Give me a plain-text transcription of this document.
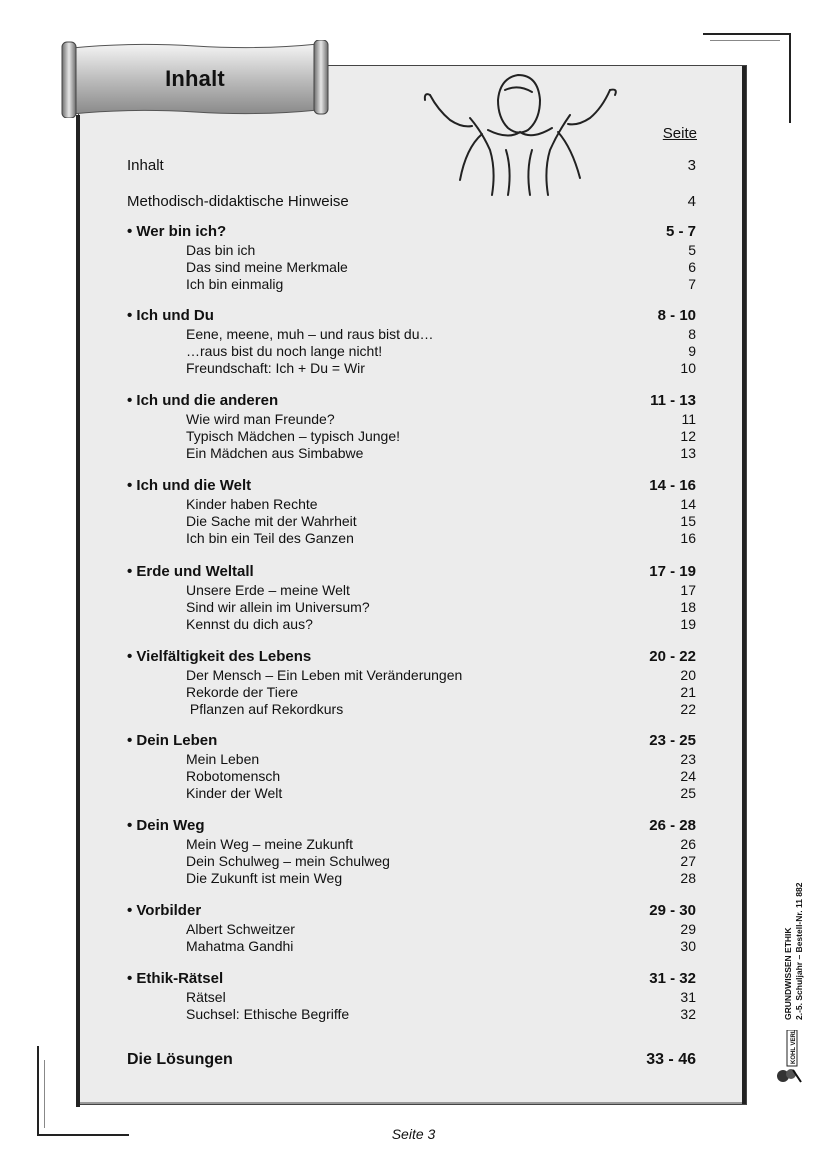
Inhalt
Seite
Inhalt	3
Methodisch-didaktische Hinweise	4
• Wer bin ich?	5 - 7
Das bin ich	5
Das sind meine Merkmale	6
Ich bin einmalig	7
• Ich und Du	8 - 10
Eene, meene, muh – und raus bist du…	8
…raus bist du noch lange nicht!	9
Freundschaft: Ich + Du = Wir	10
• Ich und die anderen	11 - 13
Wie wird man Freunde?	11
Typisch Mädchen – typisch Junge!	12
Ein Mädchen aus Simbabwe	13
• Ich und die Welt	14 - 16
Kinder haben Rechte	14
Die Sache mit der Wahrheit	15
Ich bin ein Teil des Ganzen	16
• Erde und Weltall	17 - 19
Unsere Erde – meine Welt	17
Sind wir allein im Universum?	18
Kennst du dich aus?	19
• Vielfältigkeit des Lebens	20 - 22
Der Mensch – Ein Leben mit Veränderungen	20
Rekorde der Tiere	21
Pflanzen auf Rekordkurs	22
• Dein Leben	23 - 25
Mein Leben	23
Robotomensch	24
Kinder der Welt	25
• Dein Weg	26 - 28
Mein Weg – meine Zukunft	26
Dein Schulweg – mein Schulweg	27
Die Zukunft ist mein Weg	28
• Vorbilder	29 - 30
Albert Schweitzer	29
Mahatma Gandhi	30
• Ethik-Rätsel	31 - 32
Rätsel	31
Suchsel: Ethische Begriffe	32
Die Lösungen	33 - 46
Seite 3
GRUNDWISSEN ETHIK 2.-5. Schuljahr – Bestell-Nr. 11 882
KOHL VERLAG
